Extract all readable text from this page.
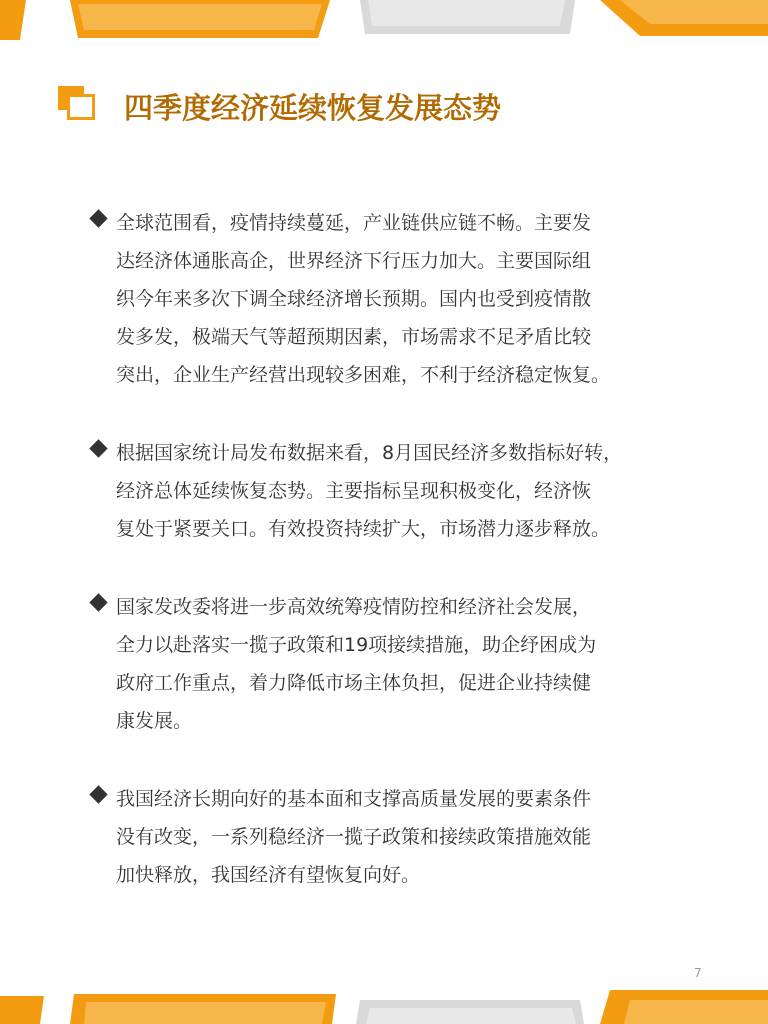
四季度经济延续恢复发展态势
全球范围看，疫情持续蔓延，产业链供应链不畅。主要发
达经济体通胀高企，世界经济下行压力加大。主要国际组
织今年来多次下调全球经济增长预期。国内也受到疫情散
发多发，极端天气等超预期因素，市场需求不足矛盾比较
突出，企业生产经营出现较多困难，不利于经济稳定恢复。
根据国家统计局发布数据来看，8月国民经济多数指标好转，
经济总体延续恢复态势。主要指标呈现积极变化，经济恢
复处于紧要关口。有效投资持续扩大，市场潜力逐步释放。
国家发改委将进一步高效统筹疫情防控和经济社会发展，
全力以赴落实一揽子政策和19项接续措施，助企纾困成为
政府工作重点，着力降低市场主体负担，促进企业持续健
康发展。
我国经济长期向好的基本面和支撑高质量发展的要素条件
没有改变，一系列稳经济一揽子政策和接续政策措施效能
加快释放，我国经济有望恢复向好。
7
